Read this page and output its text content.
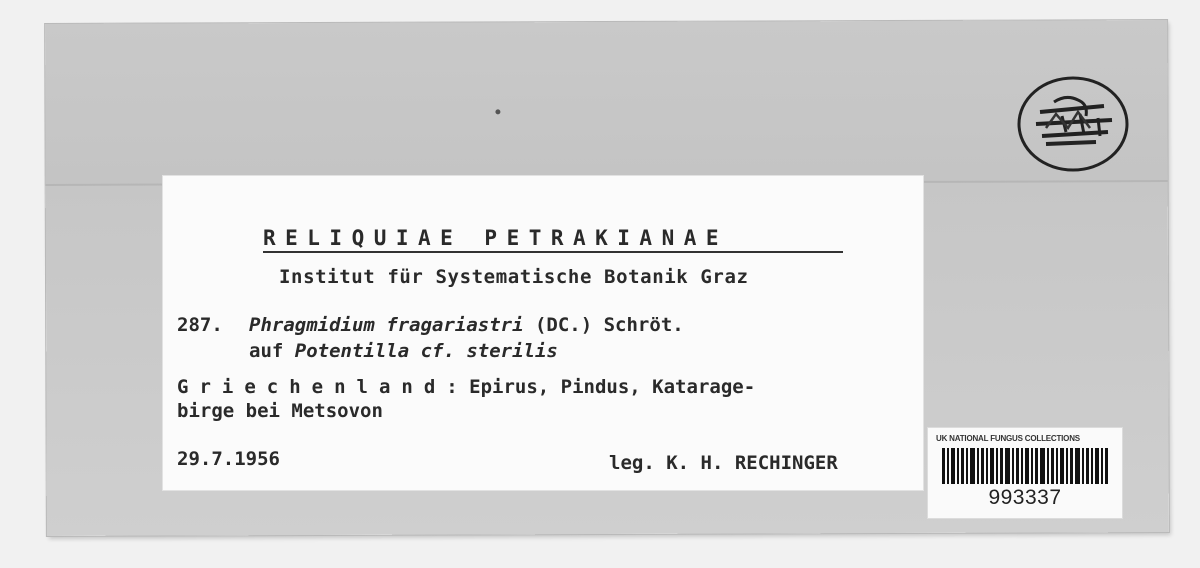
RELIQUIAE PETRAKIANAE
Institut für Systematische Botanik Graz
287. Phragmidium fragariastri (DC.) Schröt.
auf Potentilla cf. sterilis
Griechenland: Epirus, Pindus, Katarage-
birge bei Metsovon
29.7.1956	leg. K. H. RECHINGER
UK NATIONAL FUNGUS COLLECTIONS
993337
